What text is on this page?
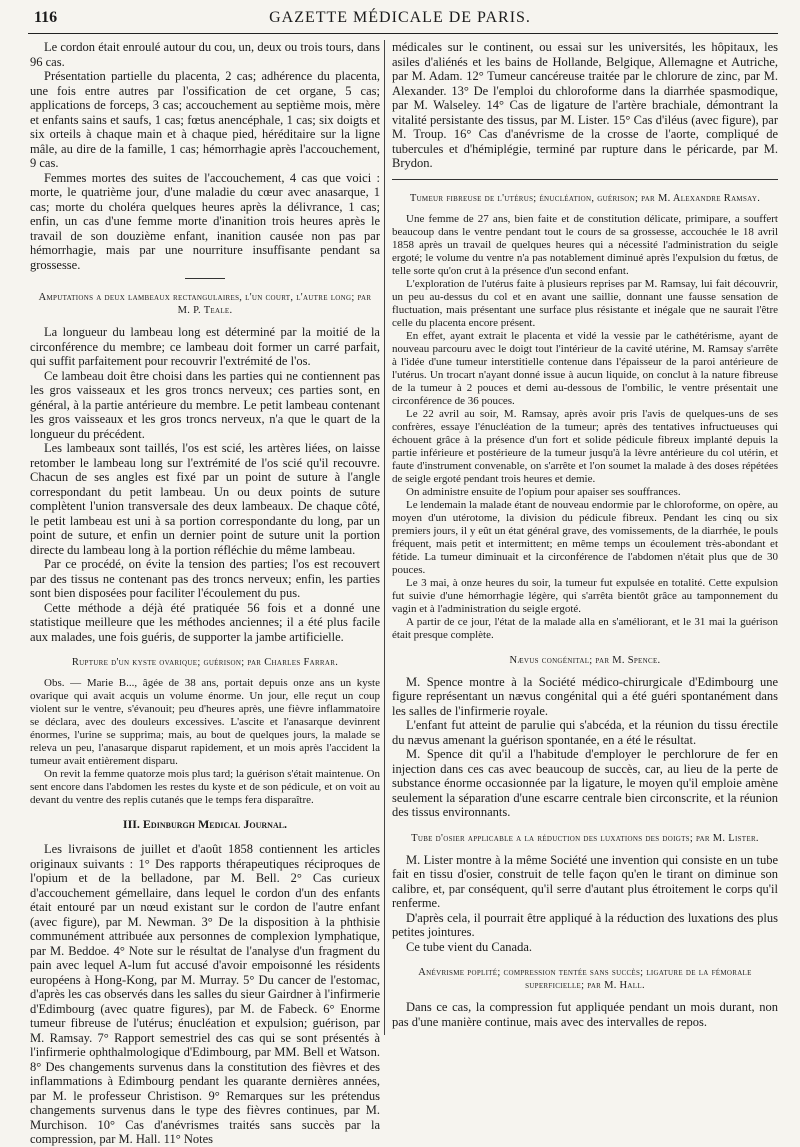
116	GAZETTE MÉDICALE DE PARIS.

Le cordon était enroulé autour du cou, un, deux ou trois tours, dans 96 cas.

Présentation partielle du placenta, 2 cas; adhérence du placenta, une fois entre autres par l'ossification de cet organe, 5 cas; applications de forceps, 3 cas; accouchement au septième mois, mère et enfants sains et saufs, 1 cas; fœtus anencéphale, 1 cas; six doigts et six orteils à chaque main et à chaque pied, héréditaire sur la ligne mâle, au dire de la famille, 1 cas; hémorrhagie après l'accouchement, 9 cas.

Femmes mortes des suites de l'accouchement, 4 cas que voici : morte, le quatrième jour, d'une maladie du cœur avec anasarque, 1 cas; morte du choléra quelques heures après la délivrance, 1 cas; enfin, un cas d'une femme morte d'inanition trois heures après le travail de son douzième enfant, inanition causée non pas par hémorrhagie, mais par une nourriture insuffisante pendant sa grossesse.

Amputations a deux lambeaux rectangulaires, l'un court, l'autre long; par M. P. Teale.

La longueur du lambeau long est déterminé par la moitié de la circonférence du membre; ce lambeau doit former un carré parfait, qui suffit parfaitement pour recouvrir l'extrémité de l'os.

Ce lambeau doit être choisi dans les parties qui ne contiennent pas les gros vaisseaux et les gros troncs nerveux; ces parties sont, en général, à la partie antérieure du membre. Le petit lambeau contenant les gros vaisseaux et les gros troncs nerveux, n'a que le quart de la longueur du précédent.

Les lambeaux sont taillés, l'os est scié, les artères liées, on laisse retomber le lambeau long sur l'extrémité de l'os scié qu'il recouvre. Chacun de ses angles est fixé par un point de suture à l'angle correspondant du petit lambeau. Un ou deux points de suture complètent l'union transversale des deux lambeaux. De chaque côté, le petit lambeau est uni à sa portion correspondante du long, par un point de suture, et enfin un dernier point de suture unit la portion directe du lambeau long à la portion réfléchie du même lambeau.

Par ce procédé, on évite la tension des parties; l'os est recouvert par des tissus ne contenant pas des troncs nerveux; enfin, les parties sont bien disposées pour faciliter l'écoulement du pus.

Cette méthode a déjà été pratiquée 56 fois et a donné une statistique meilleure que les méthodes anciennes; il a été plus facile aux malades, une fois guéris, de supporter la jambe artificielle.

Rupture d'un kyste ovarique; guérison; par Charles Farrar.

Obs. — Marie B..., âgée de 38 ans, portait depuis onze ans un kyste ovarique qui avait acquis un volume énorme. Un jour, elle reçut un coup violent sur le ventre, s'évanouit; peu d'heures après, une fièvre inflammatoire se déclara, avec des douleurs excessives. L'ascite et l'anasarque devinrent énormes, l'urine se supprima; mais, au bout de quelques jours, la malade se releva un peu, l'anasarque disparut rapidement, et un mois après l'accident la tumeur avait entièrement disparu.

On revit la femme quatorze mois plus tard; la guérison s'était maintenue. On sent encore dans l'abdomen les restes du kyste et de son pédicule, et on voit au devant du ventre des replis cutanés que le temps fera disparaître.

III. Edinburgh Medical Journal.

Les livraisons de juillet et d'août 1858 contiennent les articles originaux suivants : 1° Des rapports thérapeutiques réciproques de l'opium et de la belladone, par M. Bell. 2° Cas curieux d'accouchement gémellaire, dans lequel le cordon d'un des enfants était entouré par un nœud existant sur le cordon de l'autre enfant (avec figure), par M. Newman. 3° De la disposition à la phthisie communément attribuée aux personnes de complexion lymphatique, par M. Beddoe. 4° Note sur le résultat de l'analyse d'un fragment du pain avec lequel A-lum fut accusé d'avoir empoisonné les résidents européens à Hong-Kong, par M. Murray. 5° Du cancer de l'estomac, d'après les cas observés dans les salles du sieur Gairdner à l'infirmerie d'Edimbourg (avec quatre figures), par M. de Fabeck. 6° Enorme tumeur fibreuse de l'utérus; énucléation et expulsion; guérison, par M. Ramsay. 7° Rapport semestriel des cas qui se sont présentés à l'infirmerie ophthalmologique d'Edimbourg, par MM. Bell et Watson. 8° Des changements survenus dans la constitution des fièvres et des inflammations à Edimbourg pendant les quarante dernières années, par M. le professeur Christison. 9° Remarques sur les prétendus changements survenus dans le type des fièvres continues, par M. Murchison. 10° Cas d'anévrismes traités sans succès par la compression, par M. Hall. 11° Notes

médicales sur le continent, ou essai sur les universités, les hôpitaux, les asiles d'aliénés et les bains de Hollande, Belgique, Allemagne et Autriche, par M. Adam. 12° Tumeur cancéreuse traitée par le chlorure de zinc, par M. Alexander. 13° De l'emploi du chloroforme dans la diarrhée spasmodique, par M. Walseley. 14° Cas de ligature de l'artère brachiale, démontrant la vitalité persistante des tissus, par M. Lister. 15° Cas d'iléus (avec figure), par M. Troup. 16° Cas d'anévrisme de la crosse de l'aorte, compliqué de tubercules et d'hémiplégie, terminé par rupture dans le péricarde, par M. Brydon.

Tumeur fibreuse de l'utérus; énucléation, guérison; par M. Alexandre Ramsay.

Une femme de 27 ans, bien faite et de constitution délicate, primipare, a souffert beaucoup dans le ventre pendant tout le cours de sa grossesse, accouchée le 18 avril 1858 après un travail de quelques heures qui a nécessité l'administration du seigle ergoté; le volume du ventre n'a pas notablement diminué après l'expulsion du fœtus, de telle sorte qu'on crut à la présence d'un second enfant.

L'exploration de l'utérus faite à plusieurs reprises par M. Ramsay, lui fait découvrir, un peu au-dessus du col et en avant une saillie, donnant une fausse sensation de fluctuation, mais présentant une surface plus résistante et inégale que ne saurait l'être celle du placenta encore présent.

En effet, ayant extrait le placenta et vidé la vessie par le cathétérisme, ayant de nouveau parcouru avec le doigt tout l'intérieur de la cavité utérine, M. Ramsay s'arrête à l'idée d'une tumeur interstitielle contenue dans l'épaisseur de la paroi antérieure de l'utérus. Un trocart n'ayant donné issue à aucun liquide, on conclut à la nature fibreuse de la tumeur à 2 pouces et demi au-dessous de l'ombilic, le ventre présentait une circonférence de 36 pouces.

Le 22 avril au soir, M. Ramsay, après avoir pris l'avis de quelques-uns de ses confrères, essaye l'énucléation de la tumeur; après des tentatives infructueuses qui échouent grâce à la présence d'un fort et solide pédicule fibreux implanté depuis la partie inférieure et postérieure de la tumeur jusqu'à la lèvre antérieure du col utérin, et faute d'instrument convenable, on s'arrête et l'on soumet la malade à des doses répétées de seigle ergoté pendant trois heures et demie.

On administre ensuite de l'opium pour apaiser ses souffrances.

Le lendemain la malade étant de nouveau endormie par le chloroforme, on opère, au moyen d'un utérotome, la division du pédicule fibreux. Pendant les cinq ou six premiers jours, il y eût un état général grave, des vomissements, de la diarrhée, le pouls fréquent, mais petit et intermittent; en même temps un écoulement très-abondant et fétide. La tumeur diminuait et la circonférence de l'abdomen n'était plus que de 30 pouces.

Le 3 mai, à onze heures du soir, la tumeur fut expulsée en totalité. Cette expulsion fut suivie d'une hémorrhagie légère, qui s'arrêta bientôt grâce au tamponnement du vagin et à l'administration du seigle ergoté.

A partir de ce jour, l'état de la malade alla en s'améliorant, et le 31 mai la guérison était presque complète.

Nævus congénital; par M. Spence.

M. Spence montre à la Société médico-chirurgicale d'Edimbourg une figure représentant un nævus congénital qui a été guéri spontanément dans les salles de l'infirmerie royale.

L'enfant fut atteint de parulie qui s'abcéda, et la réunion du tissu érectile du nævus amenant la guérison spontanée, en a été le résultat.

M. Spence dit qu'il a l'habitude d'employer le perchlorure de fer en injection dans ces cas avec beaucoup de succès, car, au lieu de la perte de substance énorme occasionnée par la ligature, le moyen qu'il emploie amène seulement la séparation d'une escarre centrale bien circonscrite, et la réunion des tissus environnants.

Tube d'osier applicable a la réduction des luxations des doigts; par M. Lister.

M. Lister montre à la même Société une invention qui consiste en un tube fait en tissu d'osier, construit de telle façon qu'en le tirant on diminue son calibre, et, par conséquent, qu'il serre d'autant plus étroitement le corps qu'il renferme.

D'après cela, il pourrait être appliqué à la réduction des luxations des plus petites jointures.

Ce tube vient du Canada.

Anévrisme poplité; compression tentée sans succès; ligature de la fémorale superficielle; par M. Hall.

Dans ce cas, la compression fut appliquée pendant un mois durant, non pas d'une manière continue, mais avec des intervalles de repos.
